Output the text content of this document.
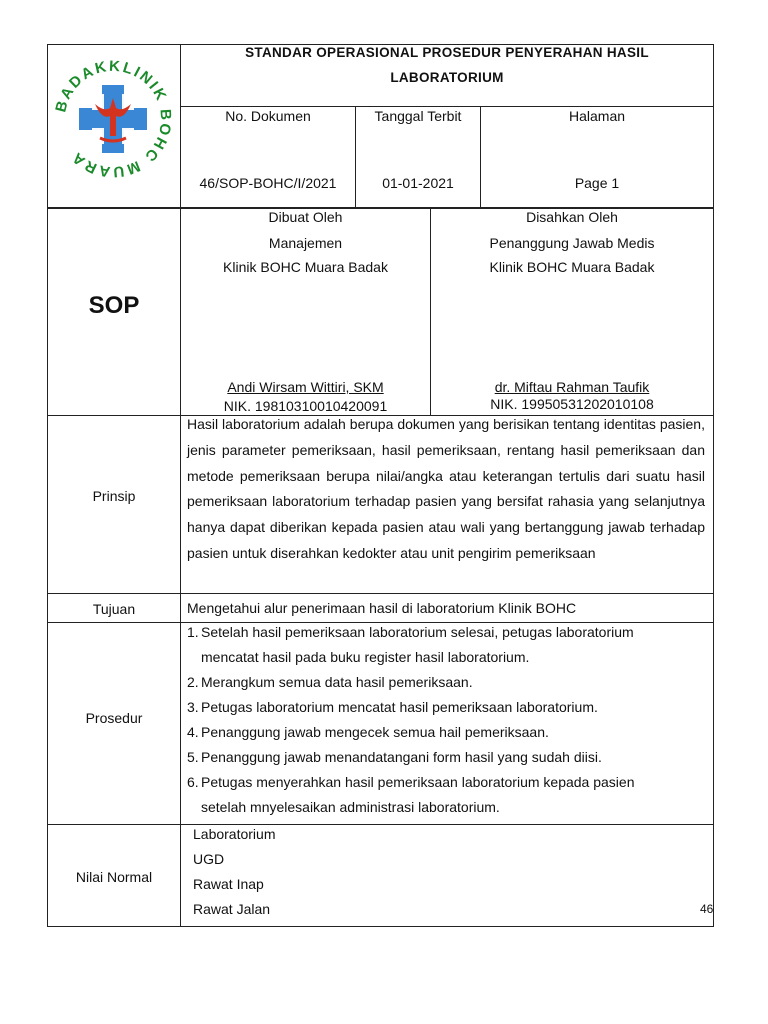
BADAKKLINIK BOHC MUARA
STANDAR OPERASIONAL PROSEDUR PENYERAHAN HASIL
LABORATORIUM
No. Dokumen	Tanggal Terbit	Halaman
46/SOP-BOHC/I/2021	01-01-2021	Page 1
SOP
Dibuat Oleh
Manajemen
Klinik BOHC Muara Badak
Andi Wirsam Wittiri, SKM
NIK. 19810310010420091
Disahkan Oleh
Penanggung Jawab Medis
Klinik BOHC Muara Badak
dr. Miftau Rahman Taufik
NIK. 19950531202010108
Prinsip
Hasil laboratorium adalah berupa dokumen yang berisikan tentang identitas pasien, jenis parameter pemeriksaan, hasil pemeriksaan, rentang hasil pemeriksaan dan metode pemeriksaan berupa nilai/angka atau keterangan tertulis dari suatu hasil pemeriksaan laboratorium terhadap pasien yang bersifat rahasia yang selanjutnya hanya dapat diberikan kepada pasien atau wali yang bertanggung jawab terhadap pasien untuk diserahkan kedokter atau unit pengirim pemeriksaan
Tujuan	Mengetahui alur penerimaan hasil di laboratorium Klinik BOHC
Prosedur
1. Setelah hasil pemeriksaan laboratorium selesai, petugas laboratorium
mencatat hasil pada buku register hasil laboratorium.
2. Merangkum semua data hasil pemeriksaan.
3. Petugas laboratorium mencatat hasil pemeriksaan laboratorium.
4. Penanggung jawab mengecek semua hail pemeriksaan.
5. Penanggung jawab menandatangani form hasil yang sudah diisi.
6. Petugas menyerahkan hasil pemeriksaan laboratorium kepada pasien
setelah mnyelesaikan administrasi laboratorium.
Nilai Normal
Laboratorium
UGD
Rawat Inap
Rawat Jalan	46
